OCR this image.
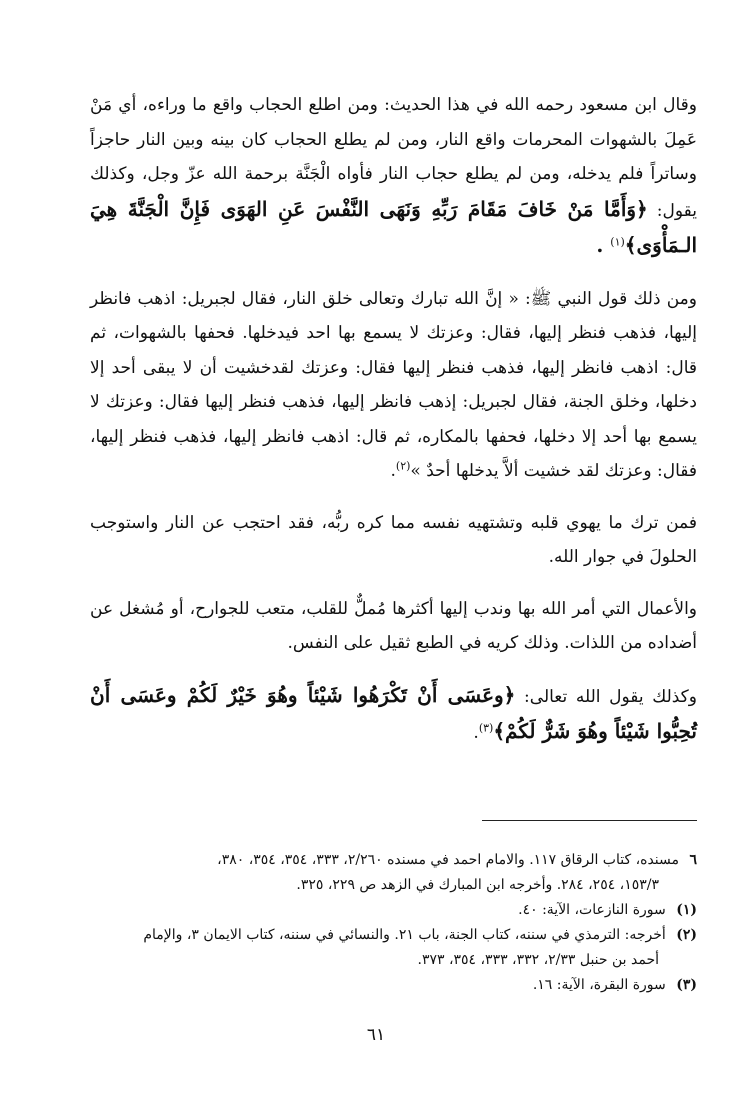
وقال ابن مسعود رحمه الله في هذا الحديث: ومن اطلع الحجاب واقع ما وراءه، أي مَنْ عَمِلَ بالشهوات المحرمات واقع النار، ومن لم يطلع الحجاب كان بينه وبين النار حاجزاً وساتراً فلم يدخله، ومن لم يطلع حجاب النار فأواه الْجَنَّة برحمة الله عزّ وجل، وكذلك يقول: ﴿وَأَمَّا مَنْ خَافَ مَقَامَ رَبِّهِ وَنَهَى النَّفْسَ عَنِ الهَوَى فَإِنَّ الْجَنَّةَ هِيَ الـمَأْوَى﴾$^{(١)}$ .

ومن ذلك قول النبي ﷺ: « إنَّ الله تبارك وتعالى خلق النار، فقال لجبريل: اذهب فانظر إليها، فذهب فنظر إليها، فقال: وعزتك لا يسمع بها احد فيدخلها. فحفها بالشهوات، ثم قال: اذهب فانظر إليها، فذهب فنظر إليها فقال: وعزتك لقدخشيت أن لا يبقى أحد إلا دخلها، وخلق الجنة، فقال لجبريل: إذهب فانظر إليها، فذهب فنظر إليها فقال: وعزتك لا يسمع بها أحد إلا دخلها، فحفها بالمكاره، ثم قال: اذهب فانظر إليها، فذهب فنظر إليها، فقال: وعزتك لقد خشيت ألاَّ يدخلها أحدٌ »$^{(٢)}$.

فمن ترك ما يهوي قلبه وتشتهيه نفسه مما كره ربُّه، فقد احتجب عن النار واستوجب الحلولَ في جوار الله.

والأعمال التي أمر الله بها وندب إليها أكثرها مُملٌّ للقلب، متعب للجوارح، أو مُشغل عن أضداده من اللذات. وذلك كريه في الطبع ثقيل على النفس.

وكذلك يقول الله تعالى: ﴿وعَسَى أَنْ تَكْرَهُوا شَيْئاً وهُوَ خَيْرٌ لَكُمْ وعَسَى أَنْ تُحِبُّوا شَيْئاً وهُوَ شَرٌّ لَكُمْ﴾$^{(٣)}$.

٦ مسنده، كتاب الرقاق ١١٧. والامام احمد في مسنده ٢/٢٦٠، ٣٣٣، ٣٥٤، ٣٥٤، ٣٨٠،

١٥٣/٣، ٢٥٤، ٢٨٤. وأخرجه ابن المبارك في الزهد ص ٢٢٩، ٣٢٥.

(١) سورة النازعات، الآية: ٤٠.

(٢) أخرجه: الترمذي في سننه، كتاب الجنة، باب ٢١. والنسائي في سننه، كتاب الايمان ٣، والإمام

أحمد بن حنبل ٢/٣٣، ٣٣٢، ٣٣٣، ٣٥٤، ٣٧٣.

(٣) سورة البقرة، الآية: ١٦.

٦١
